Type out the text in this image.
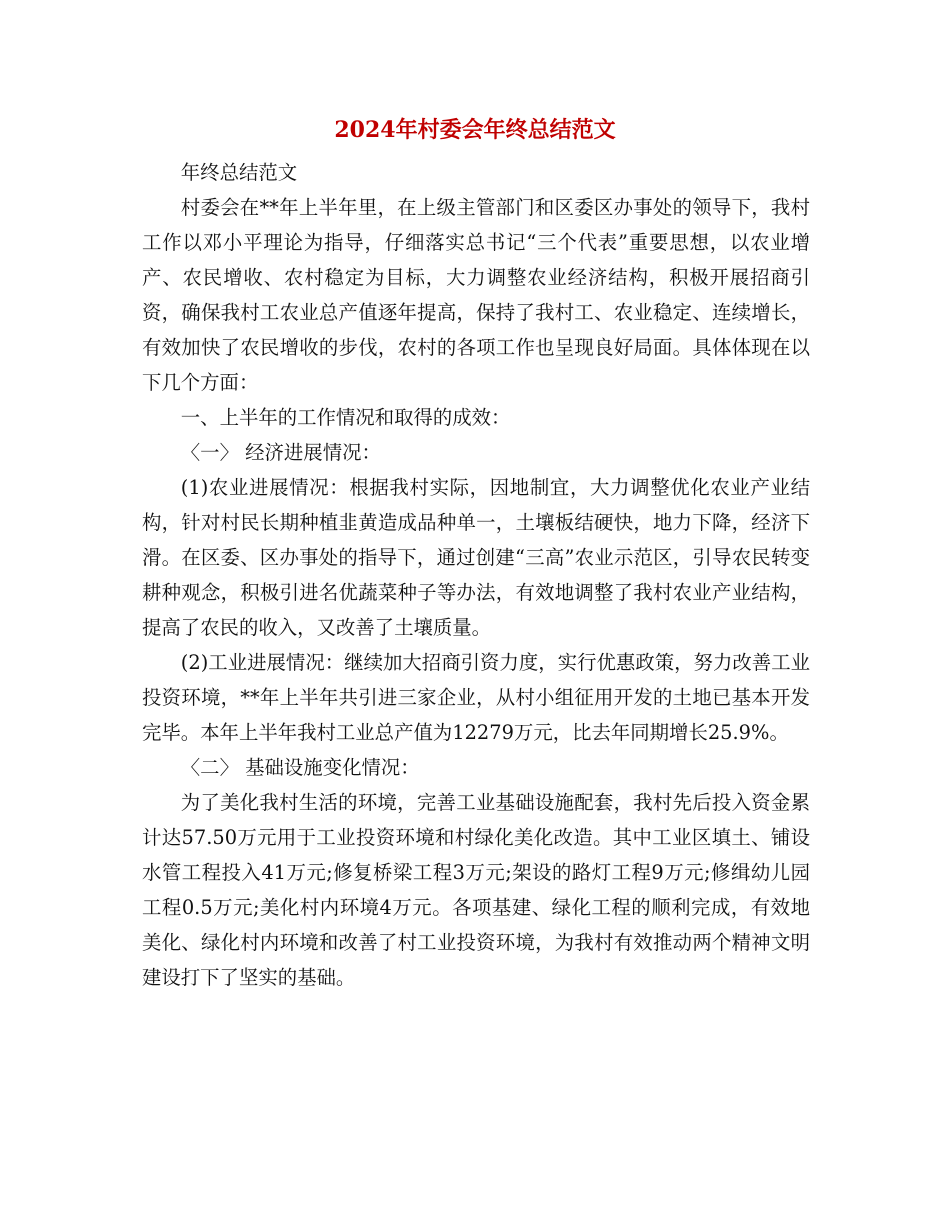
2024年村委会年终总结范文

年终总结范文

村委会在**年上半年里，在上级主管部门和区委区办事处的领导下，我村工作以邓小平理论为指导，仔细落实总书记“三个代表”重要思想，以农业增产、农民增收、农村稳定为目标，大力调整农业经济结构，积极开展招商引资，确保我村工农业总产值逐年提高，保持了我村工、农业稳定、连续增长，有效加快了农民增收的步伐，农村的各项工作也呈现良好局面。具体体现在以下几个方面：

一、上半年的工作情况和取得的成效：

〈一〉 经济进展情况：

(1)农业进展情况：根据我村实际，因地制宜，大力调整优化农业产业结构，针对村民长期种植韭黄造成品种单一，土壤板结硬快，地力下降，经济下滑。在区委、区办事处的指导下，通过创建“三高”农业示范区，引导农民转变耕种观念，积极引进名优蔬菜种子等办法，有效地调整了我村农业产业结构，提高了农民的收入，又改善了土壤质量。

(2)工业进展情况：继续加大招商引资力度，实行优惠政策，努力改善工业投资环境，**年上半年共引进三家企业，从村小组征用开发的土地已基本开发完毕。本年上半年我村工业总产值为12279万元，比去年同期增长25.9%。

〈二〉 基础设施变化情况：

为了美化我村生活的环境，完善工业基础设施配套，我村先后投入资金累计达57.50万元用于工业投资环境和村绿化美化改造。其中工业区填土、铺设水管工程投入41万元;修复桥梁工程3万元;架设的路灯工程9万元;修缉幼儿园工程0.5万元;美化村内环境4万元。各项基建、绿化工程的顺利完成，有效地美化、绿化村内环境和改善了村工业投资环境，为我村有效推动两个精神文明建设打下了坚实的基础。
